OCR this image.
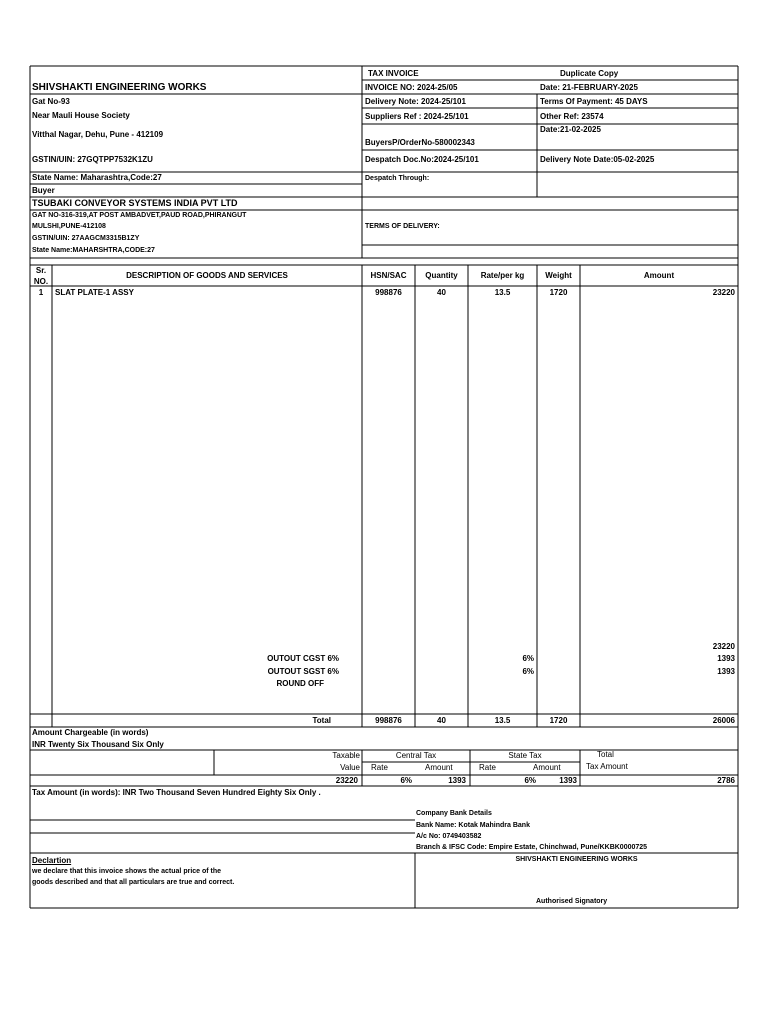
TAX INVOICE	Duplicate Copy
SHIVSHAKTI ENGINEERING WORKS
Gat No-93
Near Mauli House Society
Vitthal Nagar, Dehu, Pune - 412109
GSTIN/UIN: 27GQTPP7532K1ZU
State Name: Maharashtra,Code:27
INVOICE NO: 2024-25/05	Date: 21-FEBRUARY-2025
Delivery Note: 2024-25/101	Terms Of Payment: 45 DAYS
Suppliers Ref : 2024-25/101	Other Ref: 23574
Date:21-02-2025
BuyersP/OrderNo-580002343
Despatch Doc.No:2024-25/101	Delivery Note Date:05-02-2025
Despatch Through:
TERMS OF DELIVERY:
Buyer
TSUBAKI CONVEYOR SYSTEMS INDIA PVT LTD
GAT NO-316-319,AT POST AMBADVET,PAUD ROAD,PHIRANGUT
MULSHI,PUNE-412108
GSTIN/UIN: 27AAGCM3315B1ZY
State Name:MAHARSHTRA,CODE:27
Sr.
NO.
DESCRIPTION OF GOODS AND SERVICES	HSN/SAC	Quantity	Rate/per kg	Weight	Amount
1	SLAT PLATE-1 ASSY	998876	40	13.5	1720	23220
23220
OUTOUT CGST 6%	6%	1393
OUTOUT SGST 6%	6%	1393
ROUND OFF
Total	998876	40	13.5	1720	26006
Amount Chargeable (in words)
INR Twenty Six Thousand Six Only
Taxable
Value
Central Tax	State Tax	Total
Tax Amount
Rate	Amount	Rate	Amount
23220	6%	1393	6%	1393	2786
Tax Amount (in words): INR Two Thousand Seven Hundred Eighty Six Only .
Company Bank Details
Bank Name: Kotak Mahindra Bank
A/c No: 0749403582
Branch & IFSC Code: Empire Estate, Chinchwad, Pune/KKBK0000725
Declartion
we declare that this invoice shows the actual price of the
goods described and that all particulars are true and correct.
SHIVSHAKTI ENGINEERING WORKS
Authorised Signatory
